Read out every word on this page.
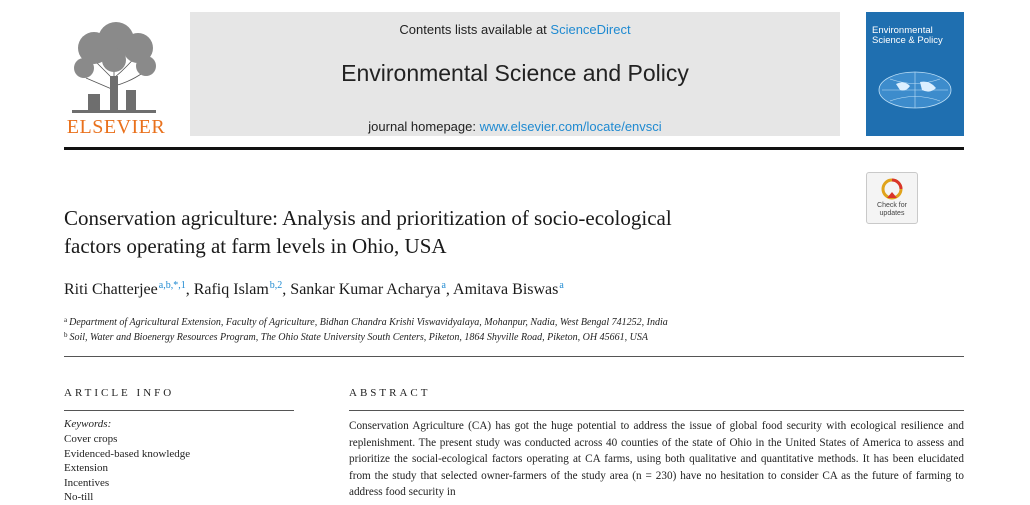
ELSEVIER
Contents lists available at ScienceDirect
Environmental Science and Policy
journal homepage: www.elsevier.com/locate/envsci
Environmental Science & Policy
Check for
updates
Conservation agriculture: Analysis and prioritization of socio-ecological
factors operating at farm levels in Ohio, USA
Riti Chatterjee$^{a,b,*,1}$, Rafiq Islam$^{b,2}$, Sankar Kumar Acharya$^a$, Amitava Biswas$^a$
$^a$ Department of Agricultural Extension, Faculty of Agriculture, Bidhan Chandra Krishi Viswavidyalaya, Mohanpur, Nadia, West Bengal 741252, India
$^b$ Soil, Water and Bioenergy Resources Program, The Ohio State University South Centers, Piketon, 1864 Shyville Road, Piketon, OH 45661, USA
ARTICLE INFO
Keywords:
Cover crops
Evidenced-based knowledge
Extension
Incentives
No-till
ABSTRACT
Conservation Agriculture (CA) has got the huge potential to address the issue of global food security with ecological resilience and replenishment. The present study was conducted across 40 counties of the state of Ohio in the United States of America to assess and prioritize the social-ecological factors operating at CA farms, using both qualitative and quantitative methods. It has been elucidated from the study that selected owner-farmers of the study area (n = 230) have no hesitation to consider CA as the future of farming to address food security in
